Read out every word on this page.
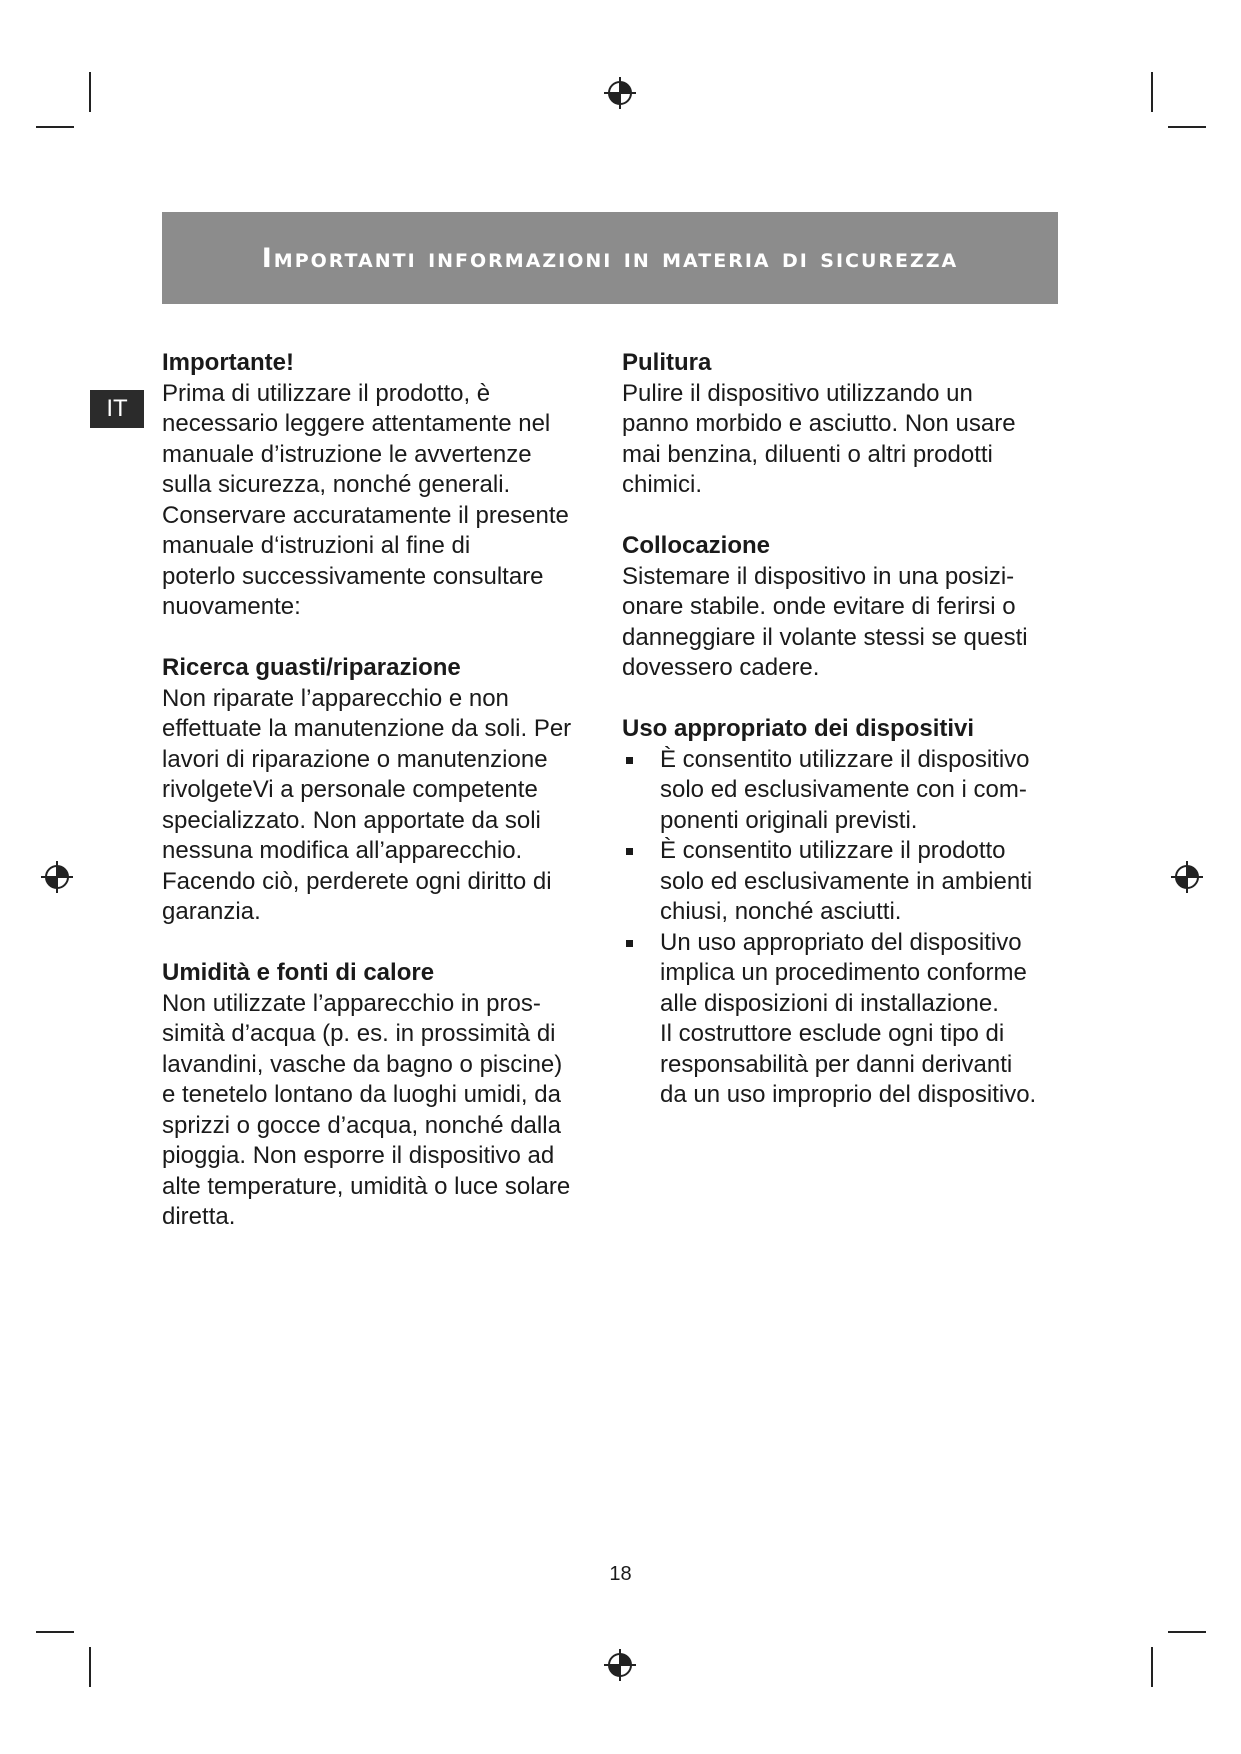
Importanti informazioni in materia di sicurezza
IT
Importante!
Prima di utilizzare il prodotto, è
necessario leggere attentamente nel
manuale d’istruzione le avvertenze
sulla sicurezza, nonché generali.
Conservare accuratamente il presente
manuale d‘istruzioni al fine di
poterlo successivamente consultare
nuovamente:
Ricerca guasti/riparazione
Non riparate l’apparecchio e non
effettuate la manutenzione da soli. Per
lavori di riparazione o manutenzione
rivolgeteVi a personale competente
specializzato. Non apportate da soli
nessuna modifica all’apparecchio.
Facendo ciò, perderete ogni diritto di
garanzia.
Umidità e fonti di calore
Non utilizzate l’apparecchio in pros-
simità d’acqua (p. es. in prossimità di
lavandini, vasche da bagno o piscine)
e tenetelo lontano da luoghi umidi, da
sprizzi o gocce d’acqua, nonché dalla
pioggia. Non esporre il dispositivo ad
alte temperature, umidità o luce solare
diretta.
Pulitura
Pulire il dispositivo utilizzando un
panno morbido e asciutto. Non usare
mai benzina, diluenti o altri prodotti
chimici.
Collocazione
Sistemare il dispositivo in una posizi-
onare stabile. onde evitare di ferirsi o
danneggiare il volante stessi se questi
dovessero cadere.
Uso appropriato dei dispositivi
È consentito utilizzare il dispositivo
solo ed esclusivamente con i com-
ponenti originali previsti.
È consentito utilizzare il prodotto
solo ed esclusivamente in ambienti
chiusi, nonché asciutti.
Un uso appropriato del dispositivo
implica un procedimento conforme
alle disposizioni di installazione.
Il costruttore esclude ogni tipo di
responsabilità per danni derivanti
da un uso improprio del dispositivo.
18
